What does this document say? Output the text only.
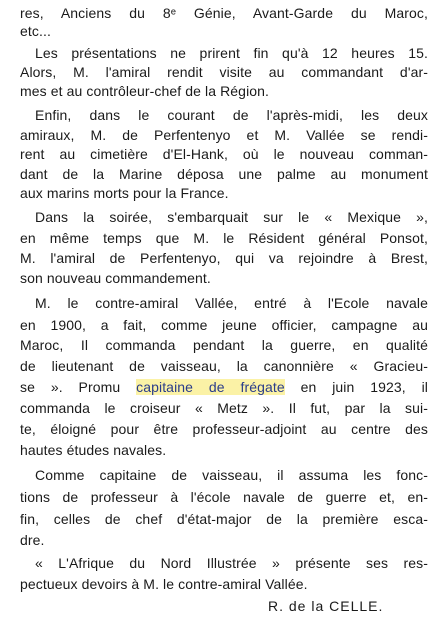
res, Anciens du 8ᵉ Génie, Avant-Garde du Maroc,
etc...
Les présentations ne prirent fin qu'à 12 heures 15.
Alors, M. l'amiral rendit visite au commandant d'ar-
mes et au contrôleur-chef de la Région.
Enfin, dans le courant de l'après-midi, les deux
amiraux, M. de Perfentenyo et M. Vallée se rendi-
rent au cimetière d'El-Hank, où le nouveau comman-
dant de la Marine déposa une palme au monument
aux marins morts pour la France.
Dans la soirée, s'embarquait sur le « Mexique »,
en même temps que M. le Résident général Ponsot,
M. l'amiral de Perfentenyo, qui va rejoindre à Brest,
son nouveau commandement.
M. le contre-amiral Vallée, entré à l'Ecole navale
en 1900, a fait, comme jeune officier, campagne au
Maroc, Il commanda pendant la guerre, en qualité
de lieutenant de vaisseau, la canonnière « Gracieu-
se ». Promu capitaine de frégate en juin 1923, il
commanda le croiseur « Metz ». Il fut, par la sui-
te, éloigné pour être professeur-adjoint au centre des
hautes études navales.
Comme capitaine de vaisseau, il assuma les fonc-
tions de professeur à l'école navale de guerre et, en-
fin, celles de chef d'état-major de la première esca-
dre.
« L'Afrique du Nord Illustrée » présente ses res-
pectueux devoirs à M. le contre-amiral Vallée.
R. de la CELLE.
